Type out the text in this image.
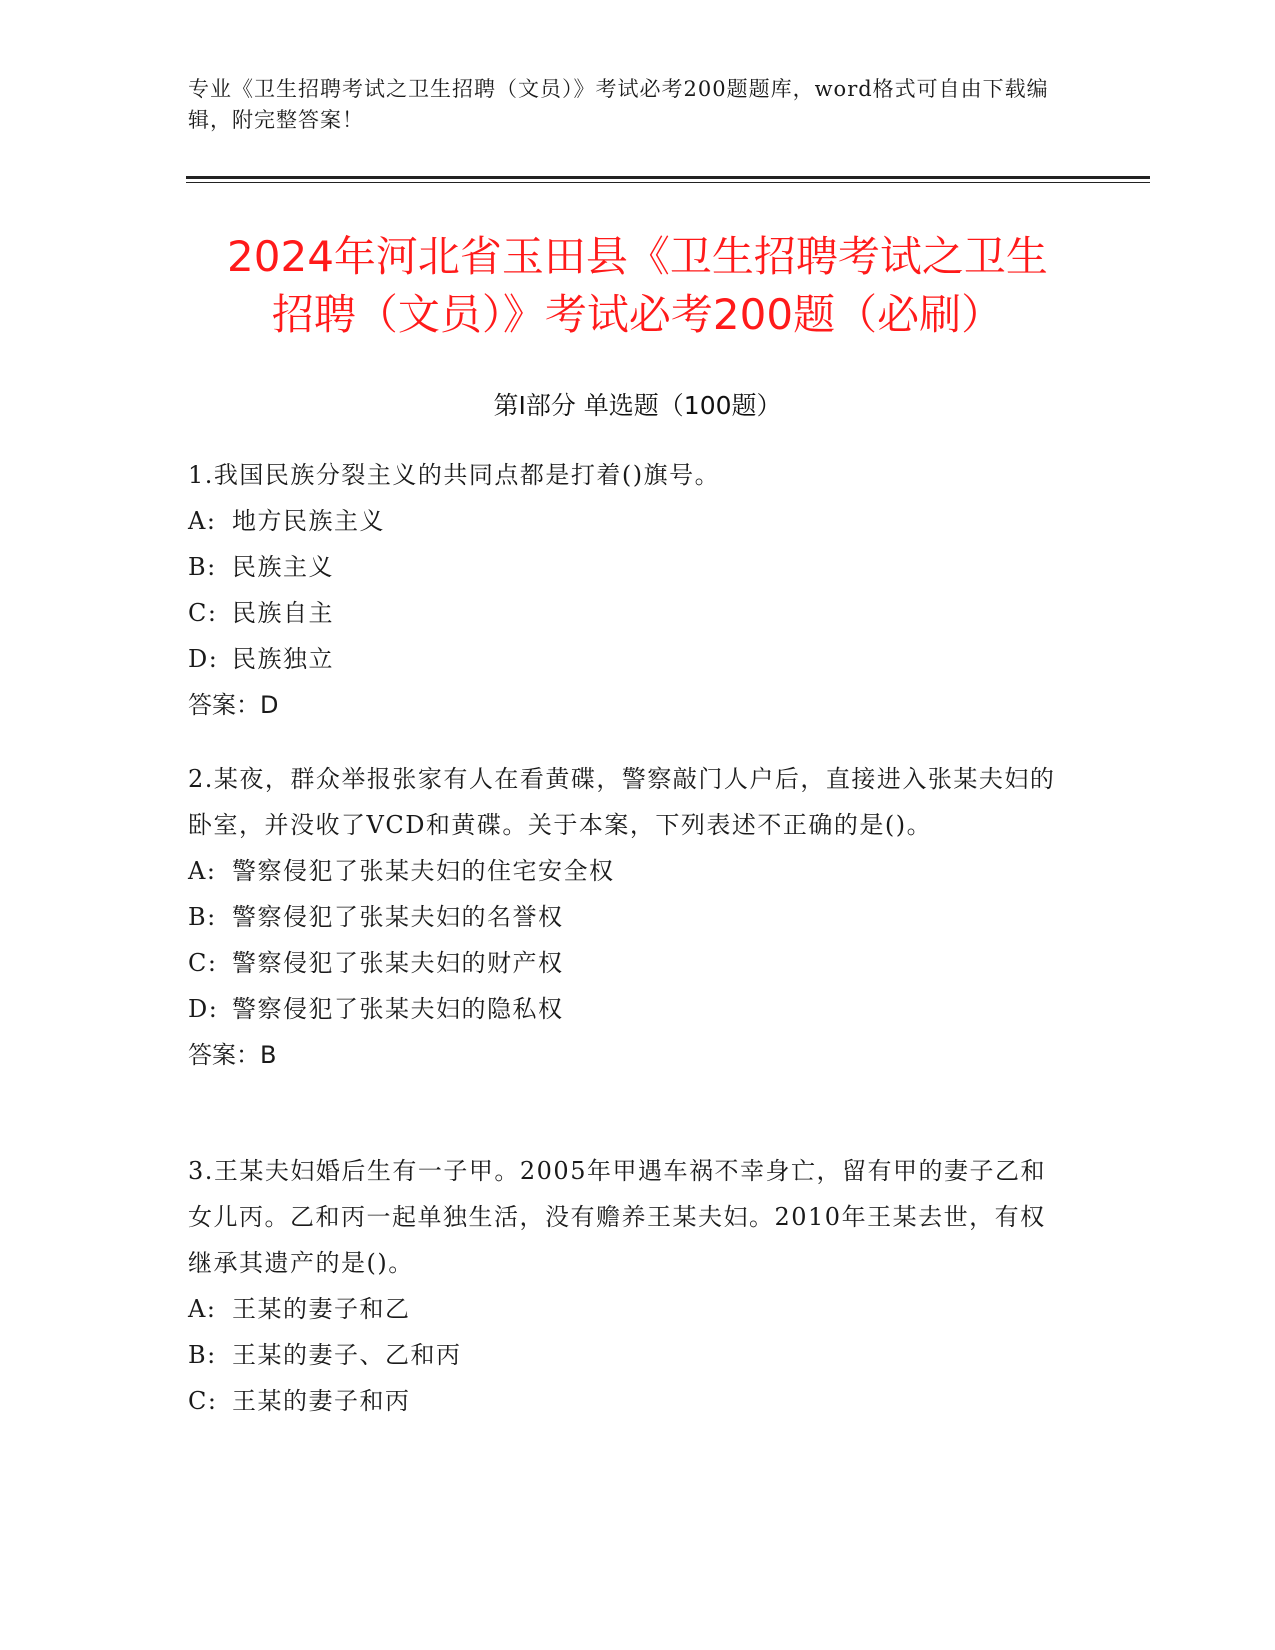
专业《卫生招聘考试之卫生招聘（文员）》考试必考200题题库，word格式可自由下载编辑，附完整答案！
2024年河北省玉田县《卫生招聘考试之卫生
招聘（文员）》考试必考200题（必刷）
第I部分 单选题（100题）

1.我国民族分裂主义的共同点都是打着()旗号。

A: 地方民族主义

B: 民族主义

C: 民族自主

D: 民族独立

答案：D

2.某夜，群众举报张家有人在看黄碟，警察敲门人户后，直接进入张某夫妇的卧室，并没收了VCD和黄碟。关于本案，下列表述不正确的是()。

A: 警察侵犯了张某夫妇的住宅安全权

B: 警察侵犯了张某夫妇的名誉权

C: 警察侵犯了张某夫妇的财产权

D: 警察侵犯了张某夫妇的隐私权

答案：B

3.王某夫妇婚后生有一子甲。2005年甲遇车祸不幸身亡，留有甲的妻子乙和女儿丙。乙和丙一起单独生活，没有赡养王某夫妇。2010年王某去世，有权继承其遗产的是()。

A: 王某的妻子和乙

B: 王某的妻子、乙和丙

C: 王某的妻子和丙
